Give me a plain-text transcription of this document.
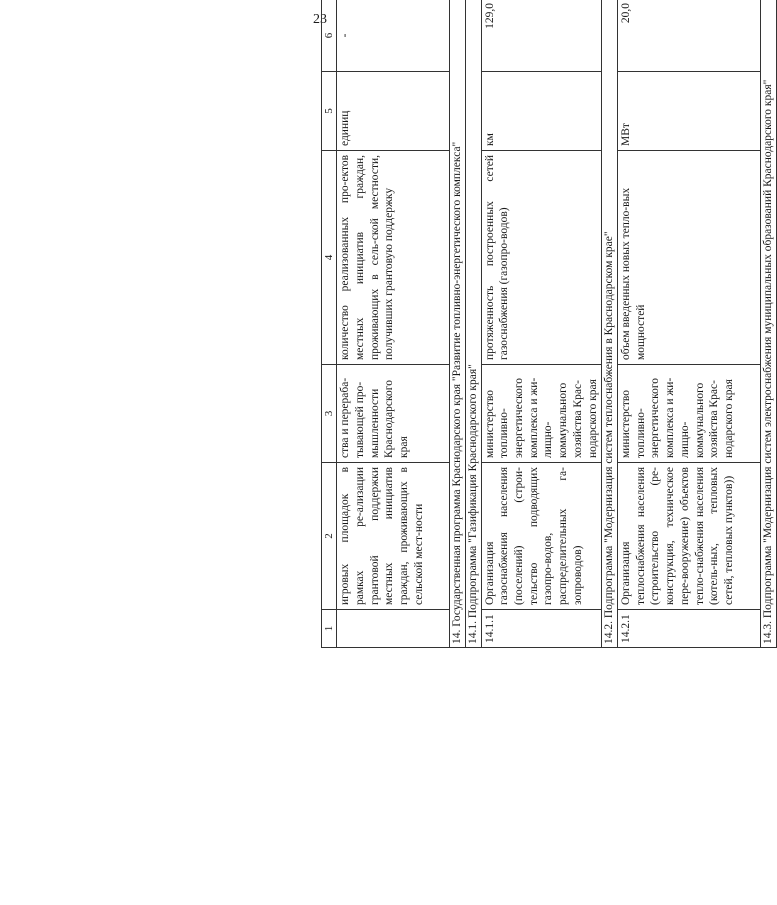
23
1	2	3	4	5	6		
	игровых площадок в рамках ре-ализации грантовой поддержки местных инициатив граждан, проживающих в сельской мест-ности	ства и перераба-тывающей про-мышленности Краснодарского края	количество реализованных про-ектов местных инициатив граждан, проживающих в сель-ской местности, получивших грантовую поддержку	единиц	-		
14. Государственная программа Краснодарского края "Развитие топливно-энергетического комплекса"							
14.1. Подпрограмма "Газификация Краснодарского края"							
14.1.1	Организация газоснабжения населения (поселений) (строи-тельство подводящих газопро-водов, распределительных га-зопроводов)	министерство топливно-энергетического комплекса и жи-лищно-коммунального хозяйства Крас-нодарского края	протяженность построенных сетей газоснабжения (газопро-водов)	км	129,0		
14.2. Подпрограмма "Модернизация систем теплоснабжения в Краснодарском крае"							
14.2.1	Организация теплоснабжения населения (строительство (ре-конструкция, техническое пере-вооружение) объектов тепло-снабжения населения (котель-ных, тепловых сетей, тепловых пунктов))	министерство топливно-энергетического комплекса и жи-лищно-коммунального хозяйства Крас-нодарского края	объем введенных новых тепло-вых мощностей	МВт	20,0		
14.3. Подпрограмма "Модернизация систем электроснабжения муниципальных образований Краснодарского края"							
